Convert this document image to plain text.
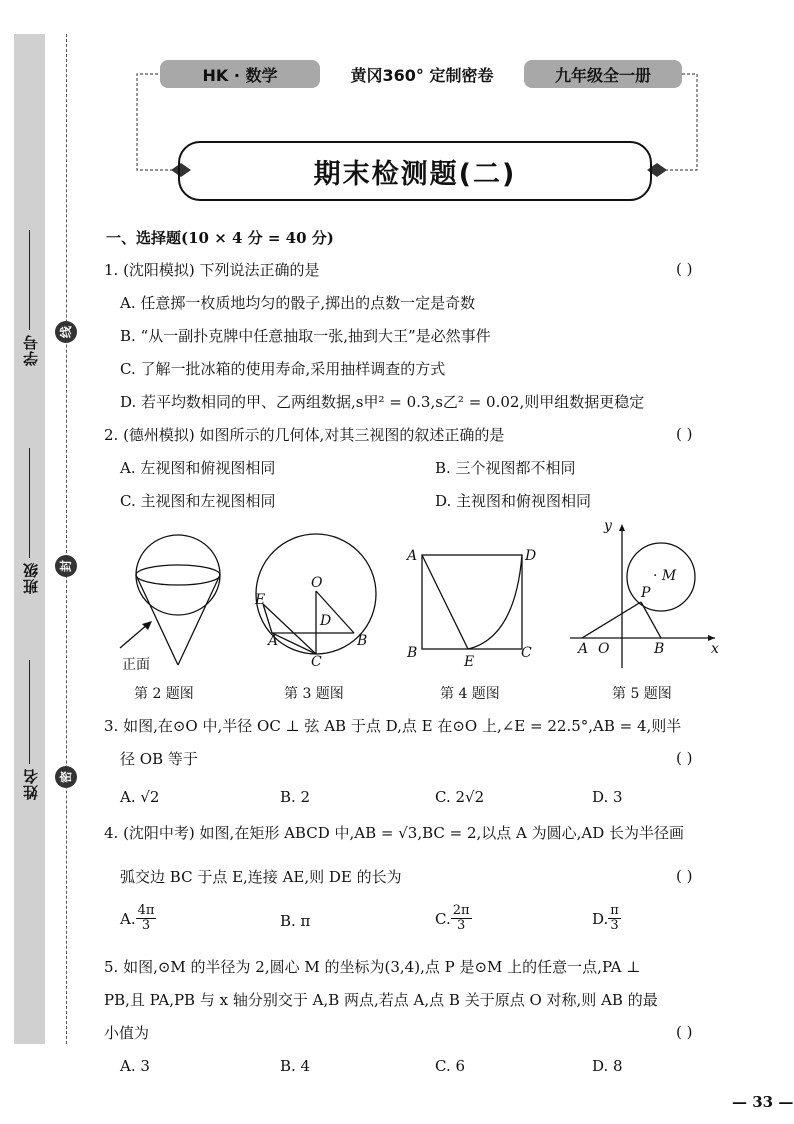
学号
班级
姓名
线
封
密
HK · 数学	黄冈360° 定制密卷	九年级全一册
期末检测题(二)
一、选择题(10 × 4 分 = 40 分)
1. (沈阳模拟) 下列说法正确的是	( )
A. 任意掷一枚质地均匀的骰子,掷出的点数一定是奇数
B. “从一副扑克牌中任意抽取一张,抽到大王”是必然事件
C. 了解一批冰箱的使用寿命,采用抽样调查的方式
D. 若平均数相同的甲、乙两组数据,s甲² = 0.3,s乙² = 0.02,则甲组数据更稳定
2. (德州模拟) 如图所示的几何体,对其三视图的叙述正确的是	( )
A. 左视图和俯视图相同	B. 三个视图都不相同
C. 主视图和左视图相同	D. 主视图和俯视图相同
正面
O
E
D
A	B
C
A	D
B
E
C
y
· M
P
A O	B	x
第 2 题图	第 3 题图	第 4 题图	第 5 题图
3. 如图,在⊙O 中,半径 OC ⊥ 弦 AB 于点 D,点 E 在⊙O 上,∠E = 22.5°,AB = 4,则半
径 OB 等于	( )
A. √2	B. 2	C. 2√2	D. 3
4. (沈阳中考) 如图,在矩形 ABCD 中,AB = √3,BC = 2,以点 A 为圆心,AD 长为半径画
弧交边 BC 于点 E,连接 AE,则 DE 的长为	( )
A. $\frac{4\pi}{3}$	B. π	C. $\frac{2\pi}{3}$	D. $\frac{\pi}{3}$
5. 如图,⊙M 的半径为 2,圆心 M 的坐标为(3,4),点 P 是⊙M 上的任意一点,PA ⊥
PB,且 PA,PB 与 x 轴分别交于 A,B 两点,若点 A,点 B 关于原点 O 对称,则 AB 的最
小值为	( )
A. 3	B. 4	C. 6	D. 8
— 33 —
